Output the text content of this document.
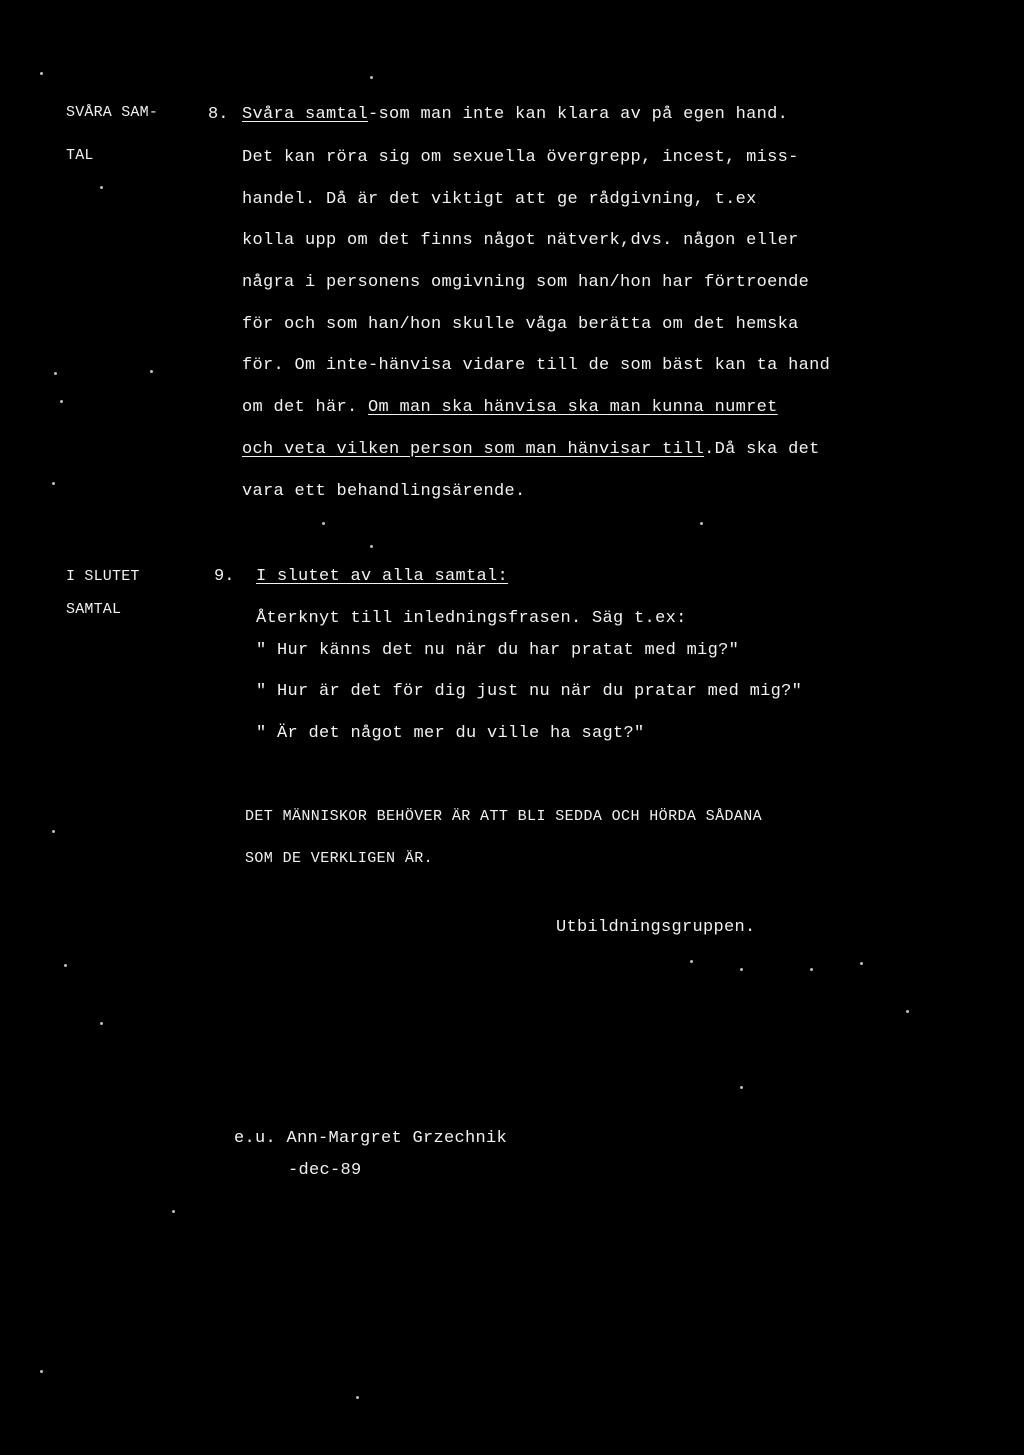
SVÅRA SAM-
TAL
8. Svåra samtal-som man inte kan klara av på egen hand.
Det kan röra sig om sexuella övergrepp, incest, miss-
handel. Då är det viktigt att ge rådgivning, t.ex
kolla upp om det finns något nätverk,dvs. någon eller
några i personens omgivning som han/hon har förtroende
för och som han/hon skulle våga berätta om det hemska
för. Om inte-hänvisa vidare till de som bäst kan ta hand
om det här. Om man ska hänvisa ska man kunna numret
och veta vilken person som man hänvisar till.Då ska det
vara ett behandlingsärende.
I SLUTET
SAMTAL
9. I slutet av alla samtal:
Återknyt till inledningsfrasen. Säg t.ex:
" Hur känns det nu när du har pratat med mig?"
" Hur är det för dig just nu när du pratar med mig?"
" Är det något mer du ville ha sagt?"
DET MÄNNISKOR BEHÖVER ÄR ATT BLI SEDDA OCH HÖRDA SÅDANA
SOM DE VERKLIGEN ÄR.
Utbildningsgruppen.
e.u. Ann-Margret Grzechnik
-dec-89
